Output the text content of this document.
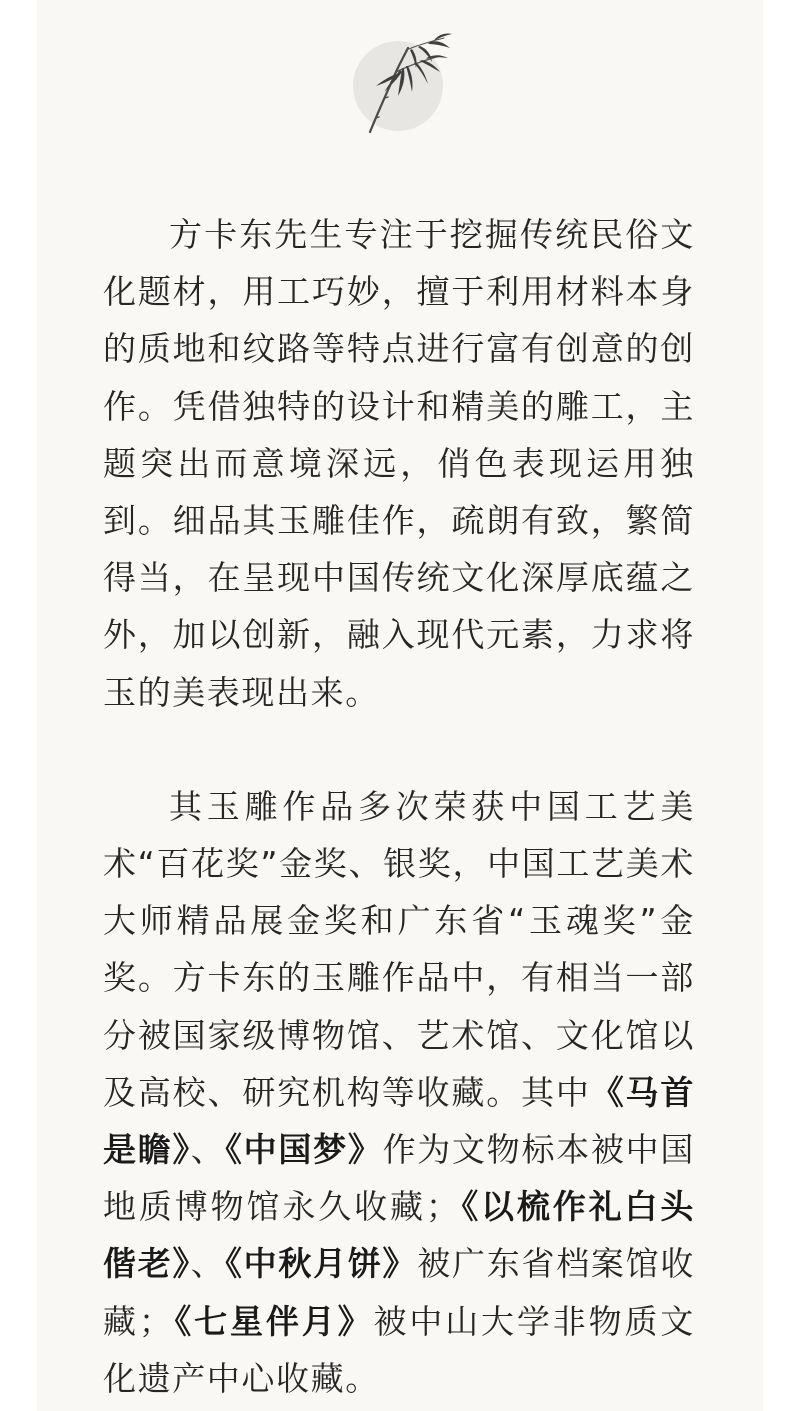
方卡东先生专注于挖掘传统民俗文化题材，用工巧妙，擅于利用材料本身的质地和纹路等特点进行富有创意的创作。凭借独特的设计和精美的雕工，主题突出而意境深远，俏色表现运用独到。细品其玉雕佳作，疏朗有致，繁简得当，在呈现中国传统文化深厚底蕴之外，加以创新，融入现代元素，力求将玉的美表现出来。

其玉雕作品多次荣获中国工艺美术“百花奖”金奖、银奖，中国工艺美术大师精品展金奖和广东省“玉魂奖”金奖。方卡东的玉雕作品中，有相当一部分被国家级博物馆、艺术馆、文化馆以及高校、研究机构等收藏。其中《马首是瞻》、《中国梦》作为文物标本被中国地质博物馆永久收藏；《以梳作礼白头偕老》、《中秋月饼》被广东省档案馆收藏；《七星伴月》被中山大学非物质文化遗产中心收藏。
